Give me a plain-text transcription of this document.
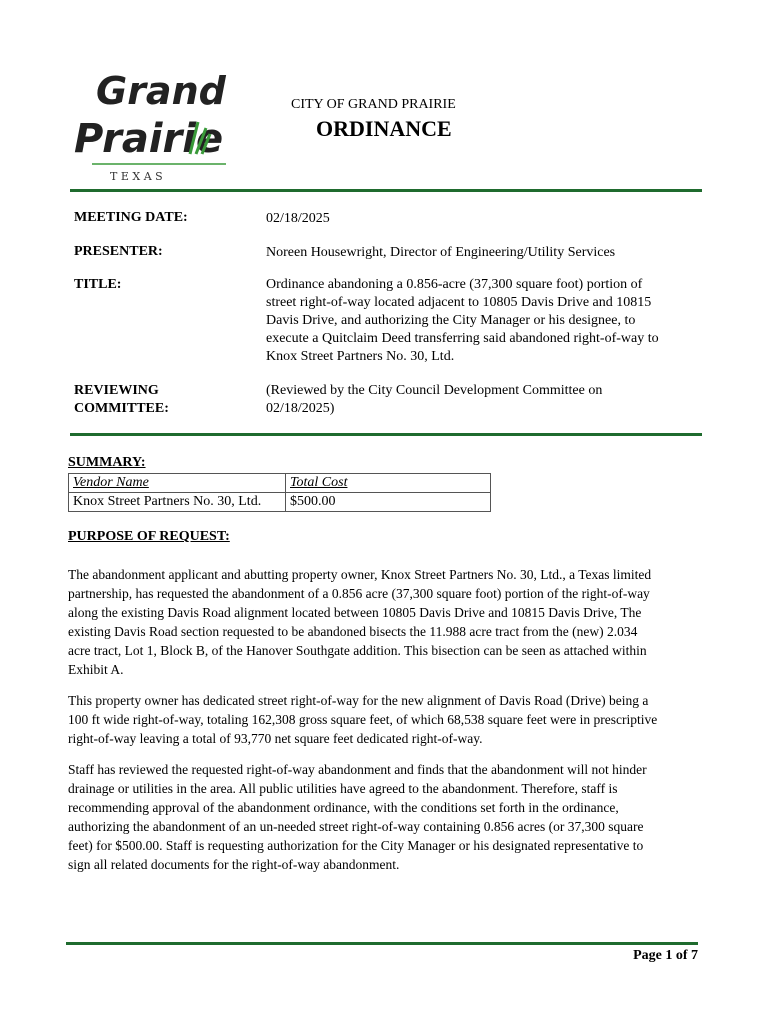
Grand
Prairie
T E X A S
CITY OF GRAND PRAIRIE
ORDINANCE
MEETING DATE:	02/18/2025
PRESENTER:	Noreen Housewright, Director of Engineering/Utility Services
TITLE:	Ordinance abandoning a 0.856-acre (37,300 square foot) portion of
street right-of-way located adjacent to 10805 Davis Drive and 10815
Davis Drive, and authorizing the City Manager or his designee, to
execute a Quitclaim Deed transferring said abandoned right-of-way to
Knox Street Partners No. 30, Ltd.
REVIEWING
COMMITTEE:
(Reviewed by the City Council Development Committee on
02/18/2025)
SUMMARY:
Vendor Name	Total Cost
Knox Street Partners No. 30, Ltd.	$500.00
PURPOSE OF REQUEST:
The abandonment applicant and abutting property owner, Knox Street Partners No. 30, Ltd., a Texas limited
partnership, has requested the abandonment of a 0.856 acre (37,300 square foot) portion of the right-of-way
along the existing Davis Road alignment located between 10805 Davis Drive and 10815 Davis Drive, The
existing Davis Road section requested to be abandoned bisects the 11.988 acre tract from the (new) 2.034
acre tract, Lot 1, Block B, of the Hanover Southgate addition. This bisection can be seen as attached within
Exhibit A.
This property owner has dedicated street right-of-way for the new alignment of Davis Road (Drive) being a
100 ft wide right-of-way, totaling 162,308 gross square feet, of which 68,538 square feet were in prescriptive
right-of-way leaving a total of 93,770 net square feet dedicated right-of-way.
Staff has reviewed the requested right-of-way abandonment and finds that the abandonment will not hinder
drainage or utilities in the area. All public utilities have agreed to the abandonment. Therefore, staff is
recommending approval of the abandonment ordinance, with the conditions set forth in the ordinance,
authorizing the abandonment of an un-needed street right-of-way containing 0.856 acres (or 37,300 square
feet) for $500.00. Staff is requesting authorization for the City Manager or his designated representative to
sign all related documents for the right-of-way abandonment.
Page 1 of 7
